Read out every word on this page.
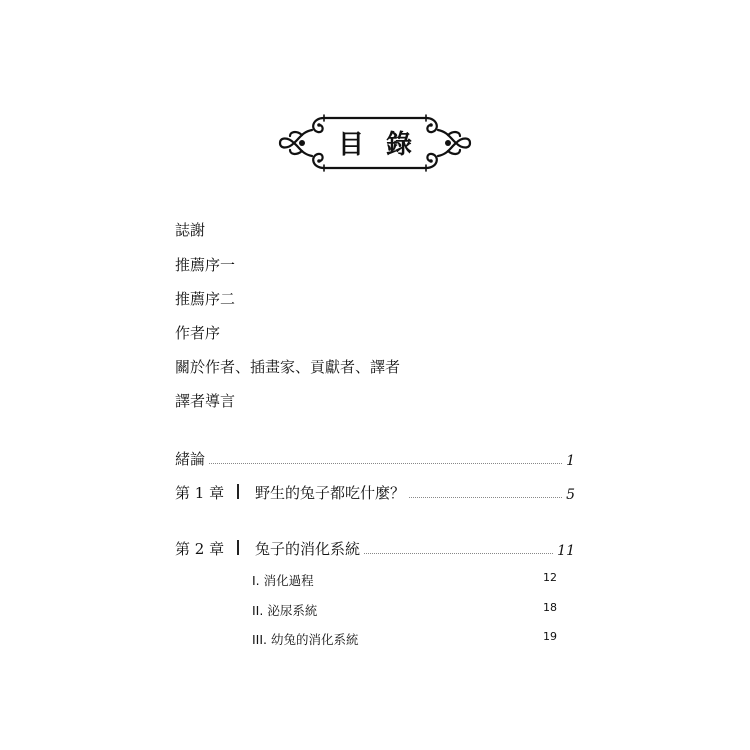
目 錄
誌謝
推薦序一
推薦序二
作者序
關於作者、插畫家、貢獻者、譯者
譯者導言
緒論	1
第 1 章 野生的兔子都吃什麼？	5
第 2 章 兔子的消化系統	11
I. 消化過程	12
II. 泌尿系統	18
III. 幼兔的消化系統	19
